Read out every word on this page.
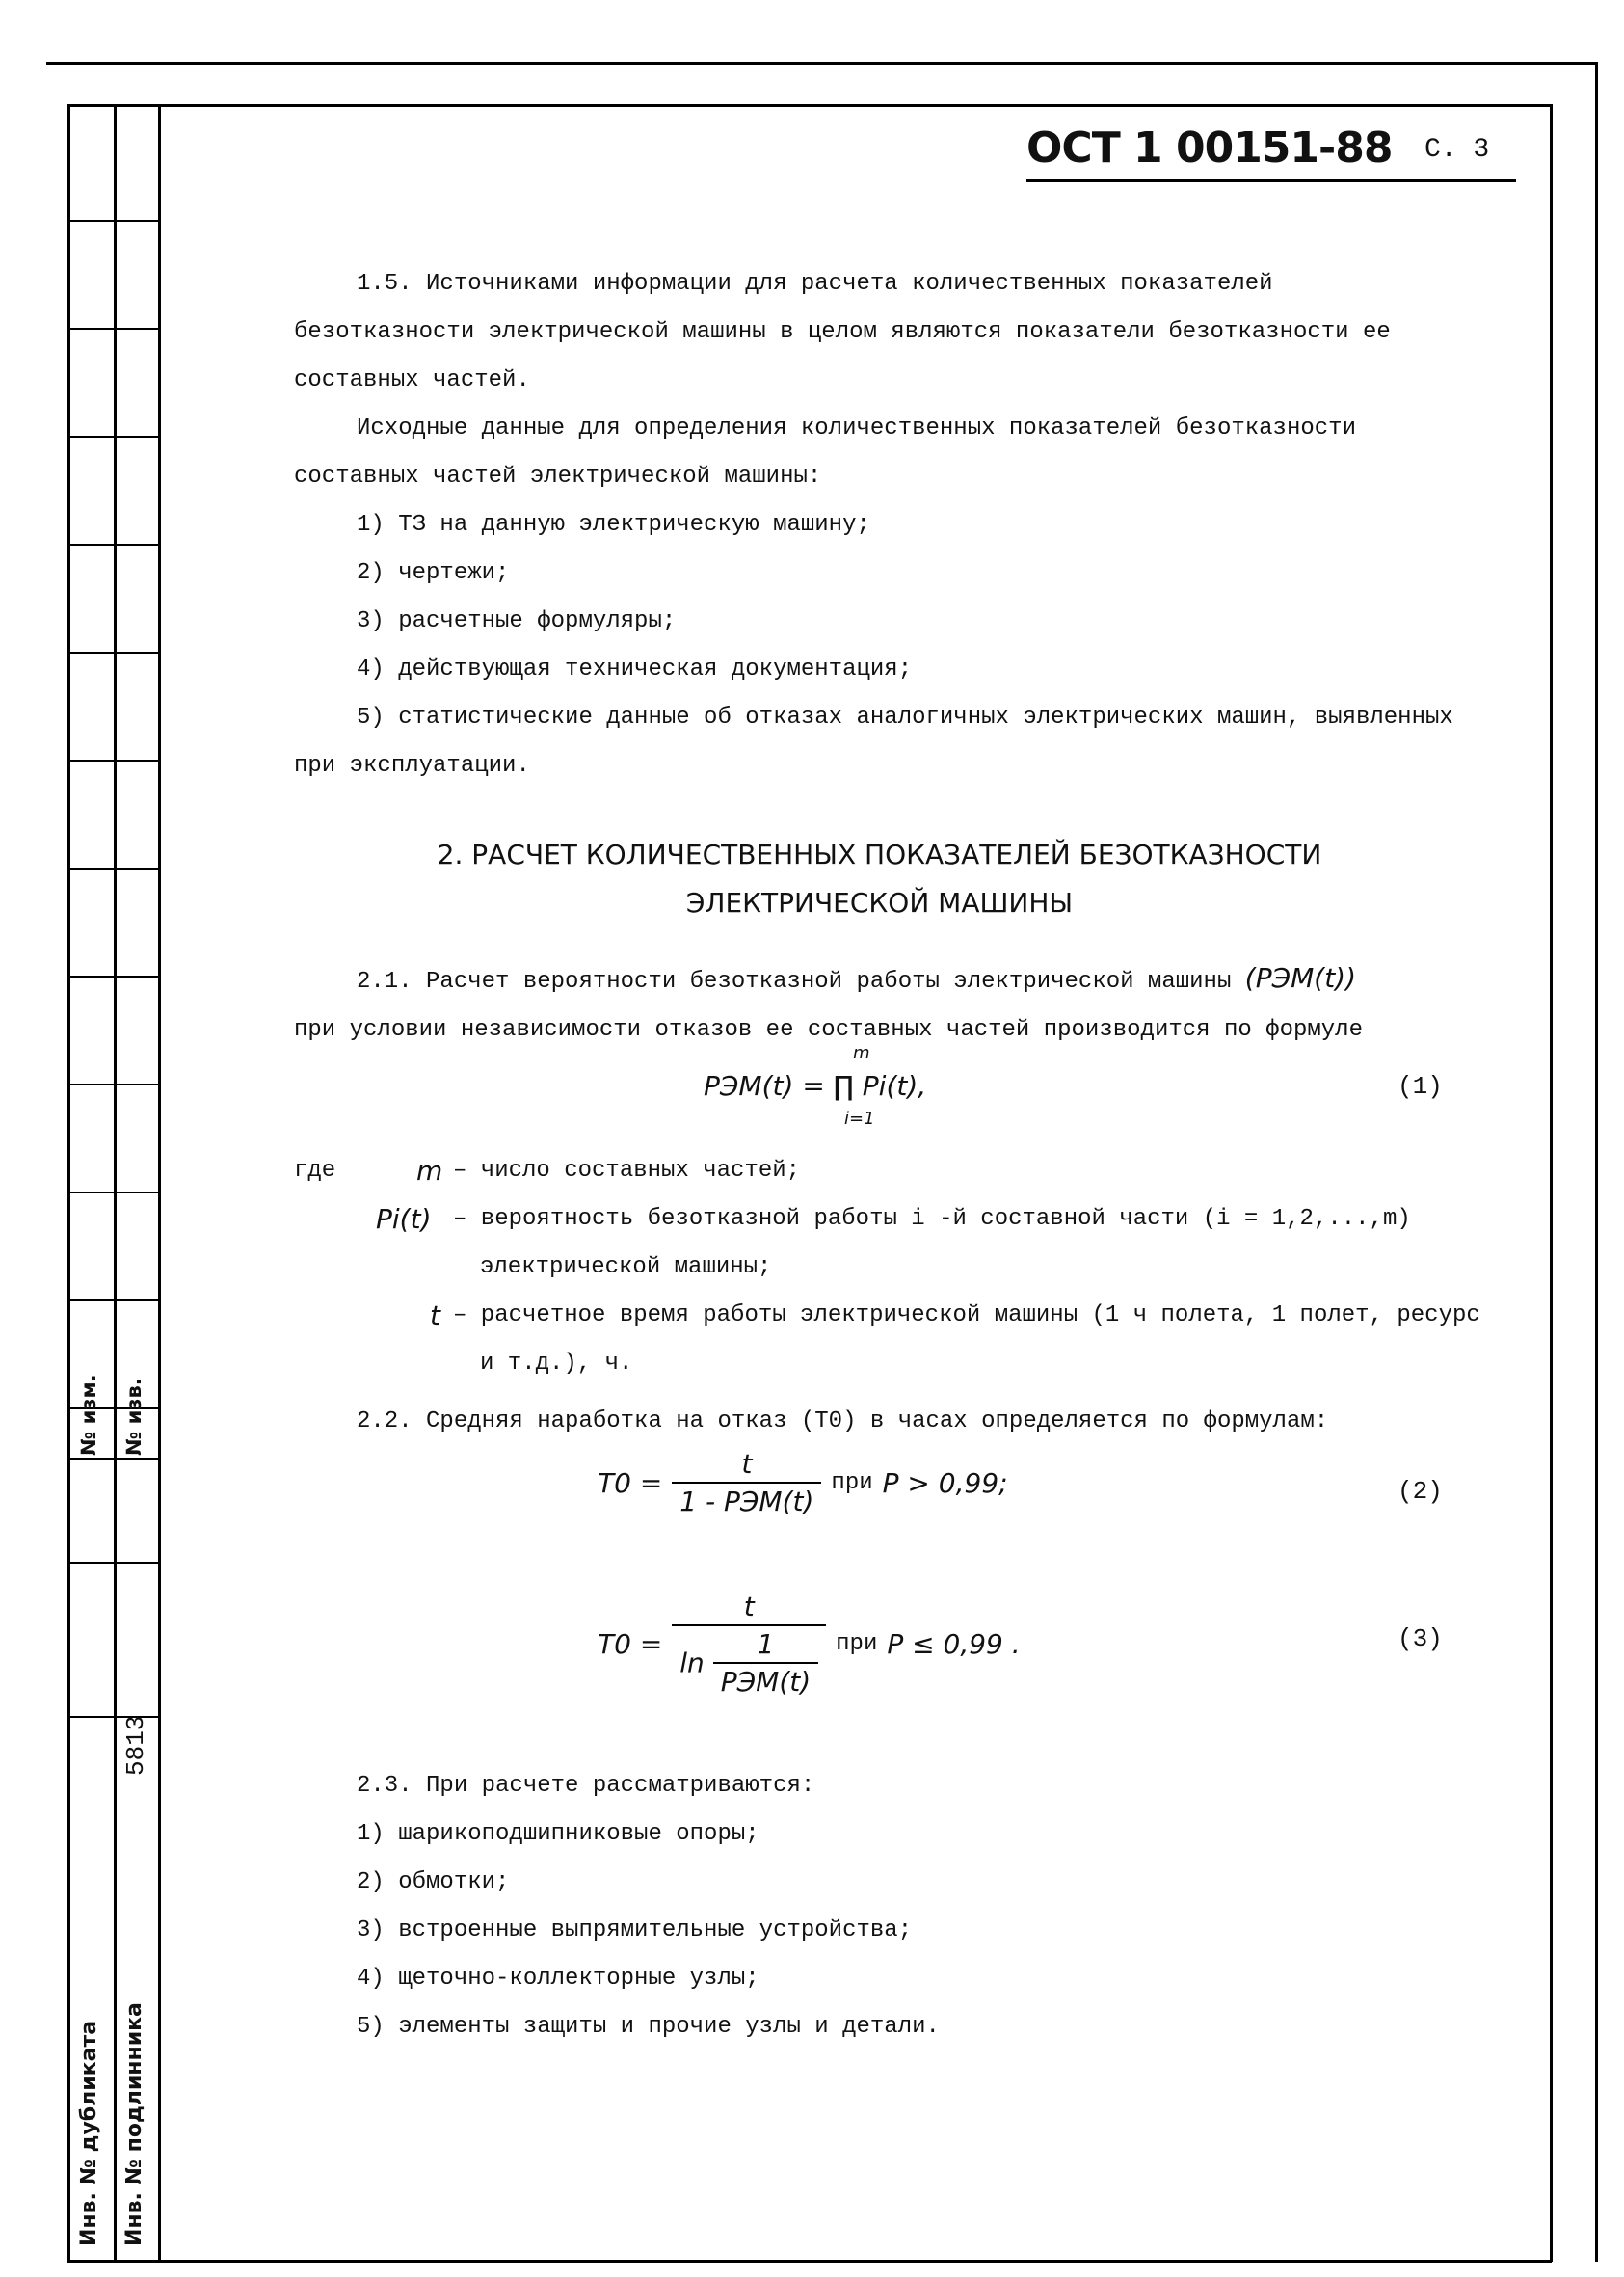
№ изм. № изв.
5813
Инв. № дубликата Инв. № подлинника
ОСТ 1 00151-88 С. 3

1.5. Источниками информации для расчета количественных показателей безотказности электрической машины в целом являются показатели безотказности ее составных частей.

Исходные данные для определения количественных показателей безотказности составных частей электрической машины:

1) ТЗ на данную электрическую машину;

2) чертежи;

3) расчетные формуляры;

4) действующая техническая документация;

5) статистические данные об отказах аналогичных электрических машин, выявленных при эксплуатации.

2. РАСЧЕТ КОЛИЧЕСТВЕННЫХ ПОКАЗАТЕЛЕЙ БЕЗОТКАЗНОСТИ
ЭЛЕКТРИЧЕСКОЙ МАШИНЫ

2.1. Расчет вероятности безотказной работы электрической машины (PЭМ(t))

при условии независимости отказов ее составных частей производится по формуле

PЭМ(t) = ∏ Pi(t),
m
i=1
(1)
где	m – число составных частей;
Pi(t) – вероятность безотказной работы i -й составной части (i = 1,2,...,m) электрической машины;
t – расчетное время работы электрической машины (1 ч полета, 1 полет, ресурс и т.д.), ч.

2.2. Средняя наработка на отказ (T0) в часах определяется по формулам:

$T0 = \frac{t}{\text{1 - PЭМ(t)}}$ при P > 0,99;	(2)
$T0 = \frac{t}{\ln \frac{1}{\text{PЭМ(t)}}}$ при P ≤ 0,99 .	(3)

2.3. При расчете рассматриваются:

1) шарикоподшипниковые опоры;

2) обмотки;

3) встроенные выпрямительные устройства;

4) щеточно-коллекторные узлы;

5) элементы защиты и прочие узлы и детали.
